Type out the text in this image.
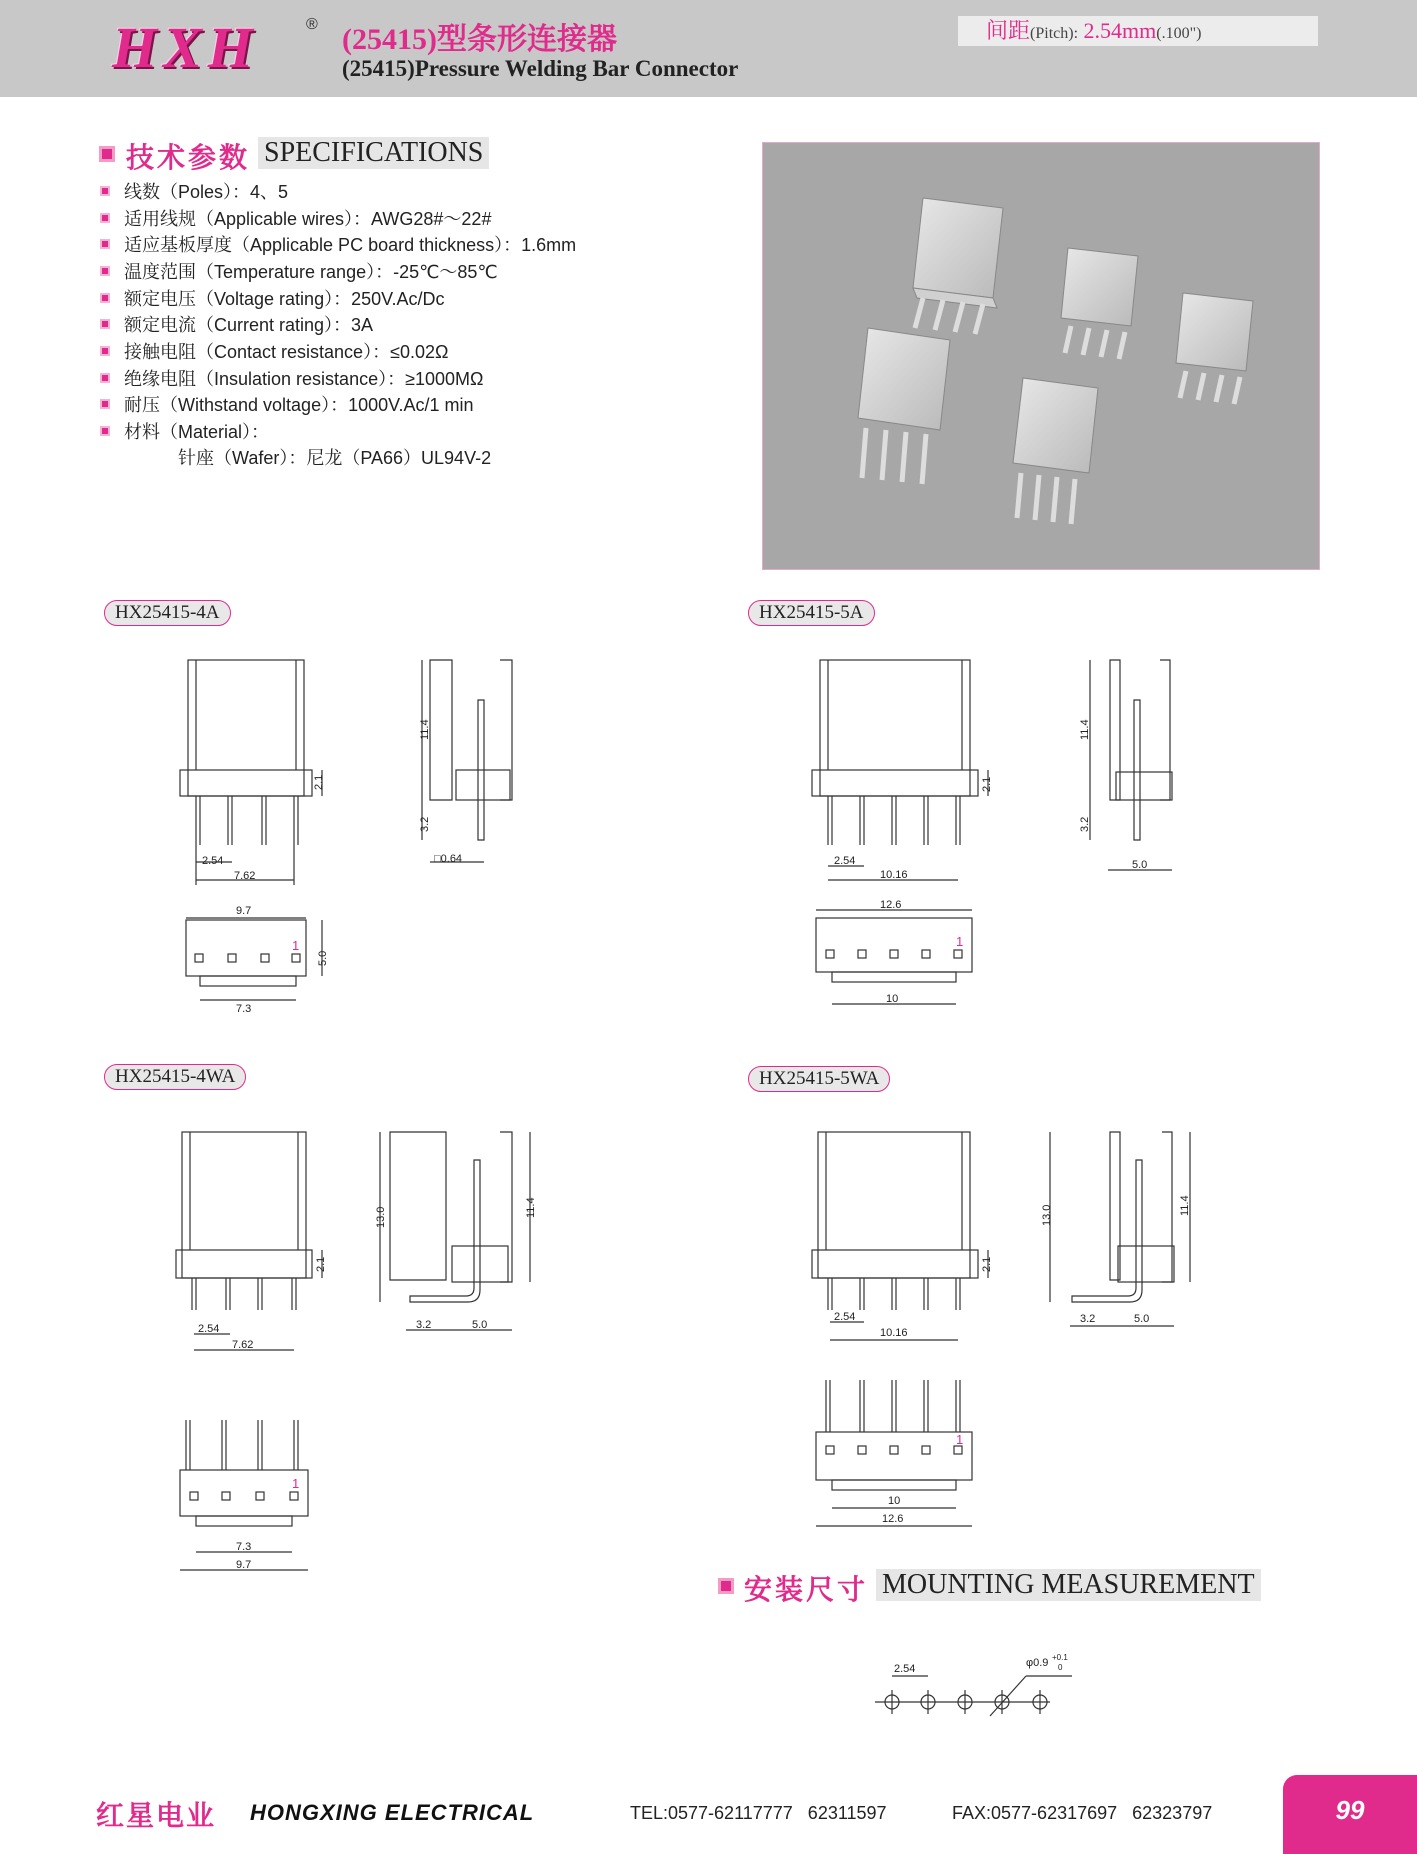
HXH	® (25415)型条形连接器
(25415)Pressure Welding Bar Connector
间距(Pitch): 2.54mm(.100")
技术参数 SPECIFICATIONS
线数（Poles）：4、5
适用线规（Applicable wires）：AWG28#～22#
适应基板厚度（Applicable PC board thickness）：1.6mm
温度范围（Temperature range）：-25℃～85℃
额定电压（Voltage rating）：250V.Ac/Dc
额定电流（Current rating）：3A
接触电阻（Contact resistance）：≤0.02Ω
绝缘电阻（Insulation resistance）：≥1000MΩ
耐压（Withstand voltage）：1000V.Ac/1 min
材料（Material）：
针座（Wafer）：尼龙（PA66）UL94V-2
HX25415-4A	HX25415-5A
HX25415-4WA	HX25415-5WA
2.54
7.62
2.1
11.4
3.2
□0.64
9.7
5.0
7.3
2.54
10.16
2.1
11.4
3.2
5.0
12.6
10
2.54
7.62
2.1
13.0	11.4
3.2	5.0
7.3
9.7
2.54
10.16
2.1
13.0	11.4
3.2	5.0
10
12.6
2.54	φ0.9 +0.1
0
1	1
1
1
安装尺寸 MOUNTING MEASUREMENT
红星电业 HONGXING ELECTRICAL	TEL:0577-62117777   62311597	FAX:0577-62317697   62323797	99
